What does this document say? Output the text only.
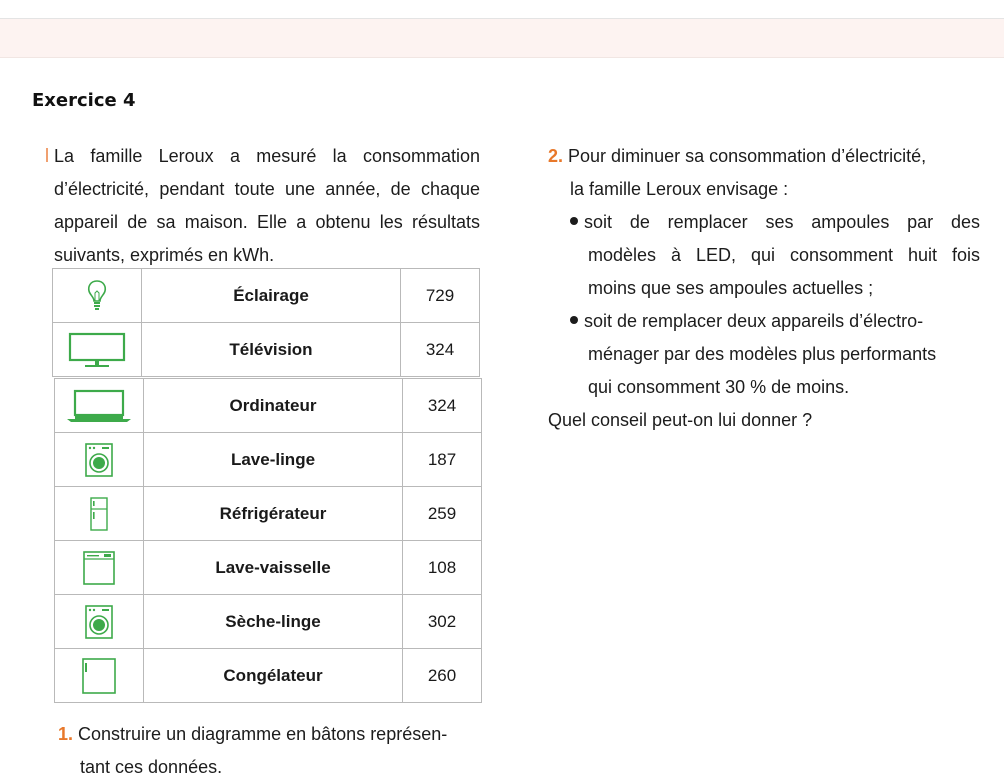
Exercice 4
La famille Leroux a mesuré la consommation
d’électricité, pendant toute une année, de chaque
appareil de sa maison. Elle a obtenu les résultats
suivants, exprimés en kWh.
	Éclairage	729

	Télévision	324
	Ordinateur	324

	Lave-linge	187

	Réfrigérateur	259

	Lave-vaisselle	108

	Sèche-linge	302

	Congélateur	260
1. Construire un diagramme en bâtons représen-
tant ces données.
2. Pour diminuer sa consommation d’électricité,
la famille Leroux envisage :
soit de remplacer ses ampoules par des
modèles à LED, qui consomment huit fois
moins que ses ampoules actuelles ;
soit de remplacer deux appareils d’électro-
ménager par des modèles plus performants
qui consomment 30 % de moins.
Quel conseil peut-on lui donner ?
